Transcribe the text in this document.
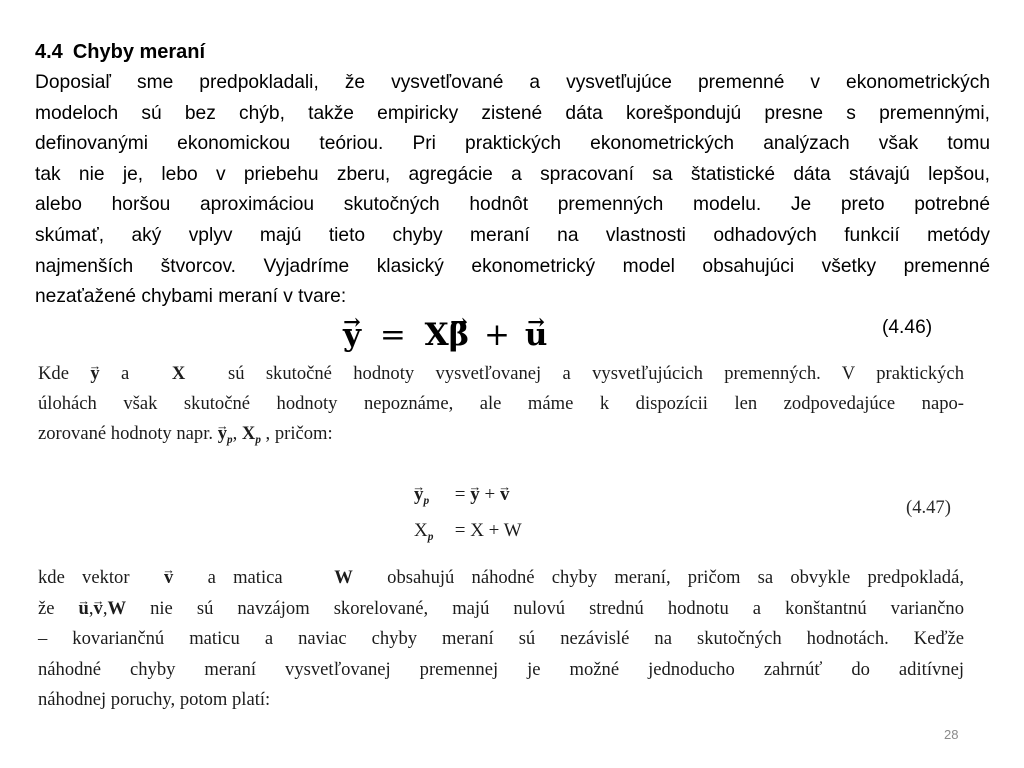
4.4 Chyby meraní
Doposiaľ sme predpokladali, že vysvetľované a vysvetľujúce premenné v ekonometrických
modeloch sú bez chýb, takže empiricky zistené dáta korešpondujú presne s premennými,
definovanými ekonomickou teóriou. Pri praktických ekonometrických analýzach však tomu
tak nie je, lebo v priebehu zberu, agregácie a spracovaní sa štatistické dáta stávajú lepšou,
alebo horšou aproximáciou skutočných hodnôt premenných modelu. Je preto potrebné
skúmať, aký vplyv majú tieto chyby meraní na vlastnosti odhadových funkcií metódy
najmenších štvorcov. Vyjadríme klasický ekonometrický model obsahujúci všetky premenné
nezaťažené chybami meraní v tvare:
→ y = X→ β + → u	(4.46)
Kde → y a  X  sú skutočné hodnoty vysvetľovanej a vysvetľujúcich premenných. V praktických
úlohách však skutočné hodnoty nepoznáme, ale máme k dispozícii len zodpovedajúce napo-
zorované hodnoty napr. → $y_p$, $X_p$ , pričom:
→ $y_p$ = → y + → v
$X_p = X + W$
(4.47)
kde vektor  → v  a matica   W  obsahujú náhodné chyby meraní, pričom sa obvykle predpokladá,
že → u,→ v,W nie sú navzájom skorelované, majú nulovú strednú hodnotu a konštantnú variančno
– kovariančnú maticu a naviac chyby meraní sú nezávislé na skutočných hodnotách. Keďže
náhodné chyby meraní vysvetľovanej premennej je možné jednoducho zahrnúť do aditívnej
náhodnej poruchy, potom platí:
28
